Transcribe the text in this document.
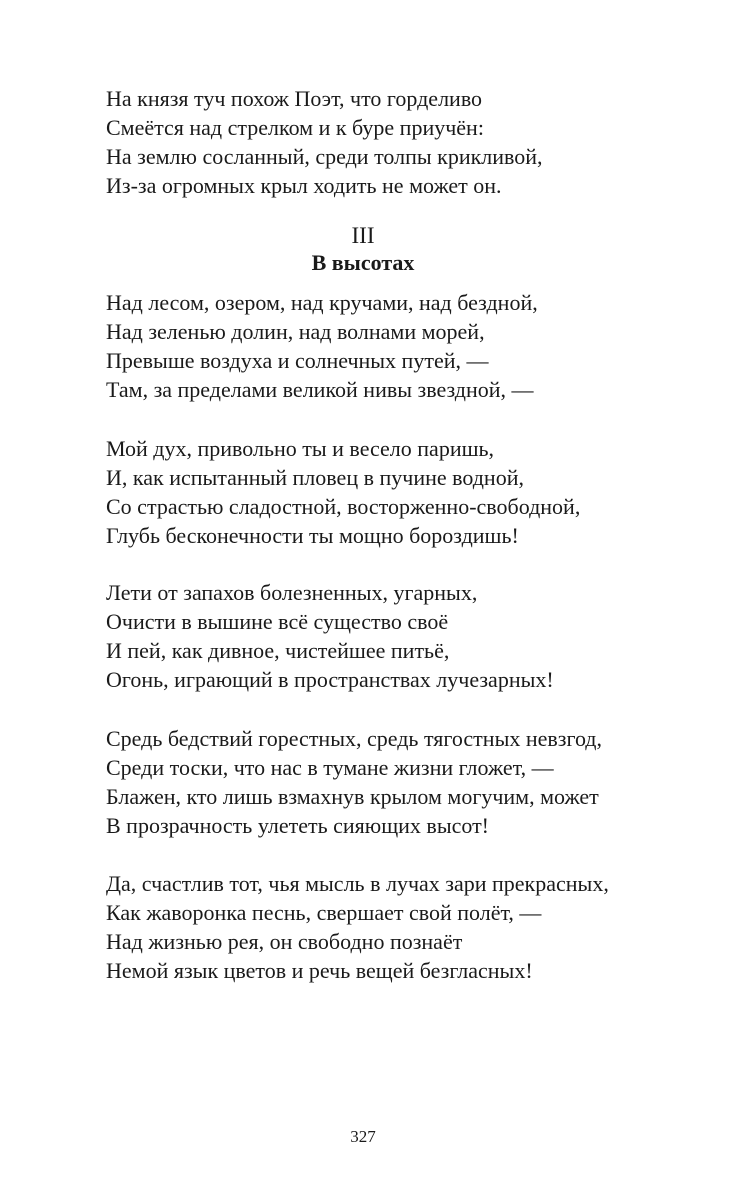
На князя туч похож Поэт, что горделиво
Смеётся над стрелком и к буре приучён:
На землю сосланный, среди толпы крикливой,
Из-за огромных крыл ходить не может он.
III
В высотах
Над лесом, озером, над кручами, над бездной,
Над зеленью долин, над волнами морей,
Превыше воздуха и солнечных путей, —
Там, за пределами великой нивы звездной, —
Мой дух, привольно ты и весело паришь,
И, как испытанный пловец в пучине водной,
Со страстью сладостной, восторженно-свободной,
Глубь бесконечности ты мощно бороздишь!
Лети от запахов болезненных, угарных,
Очисти в вышине всё существо своё
И пей, как дивное, чистейшее питьё,
Огонь, играющий в пространствах лучезарных!
Средь бедствий горестных, средь тягостных невзгод,
Среди тоски, что нас в тумане жизни гложет, —
Блажен, кто лишь взмахнув крылом могучим, может
В прозрачность улететь сияющих высот!
Да, счастлив тот, чья мысль в лучах зари прекрасных,
Как жаворонка песнь, свершает свой полёт, —
Над жизнью рея, он свободно познаёт
Немой язык цветов и речь вещей безгласных!
327
